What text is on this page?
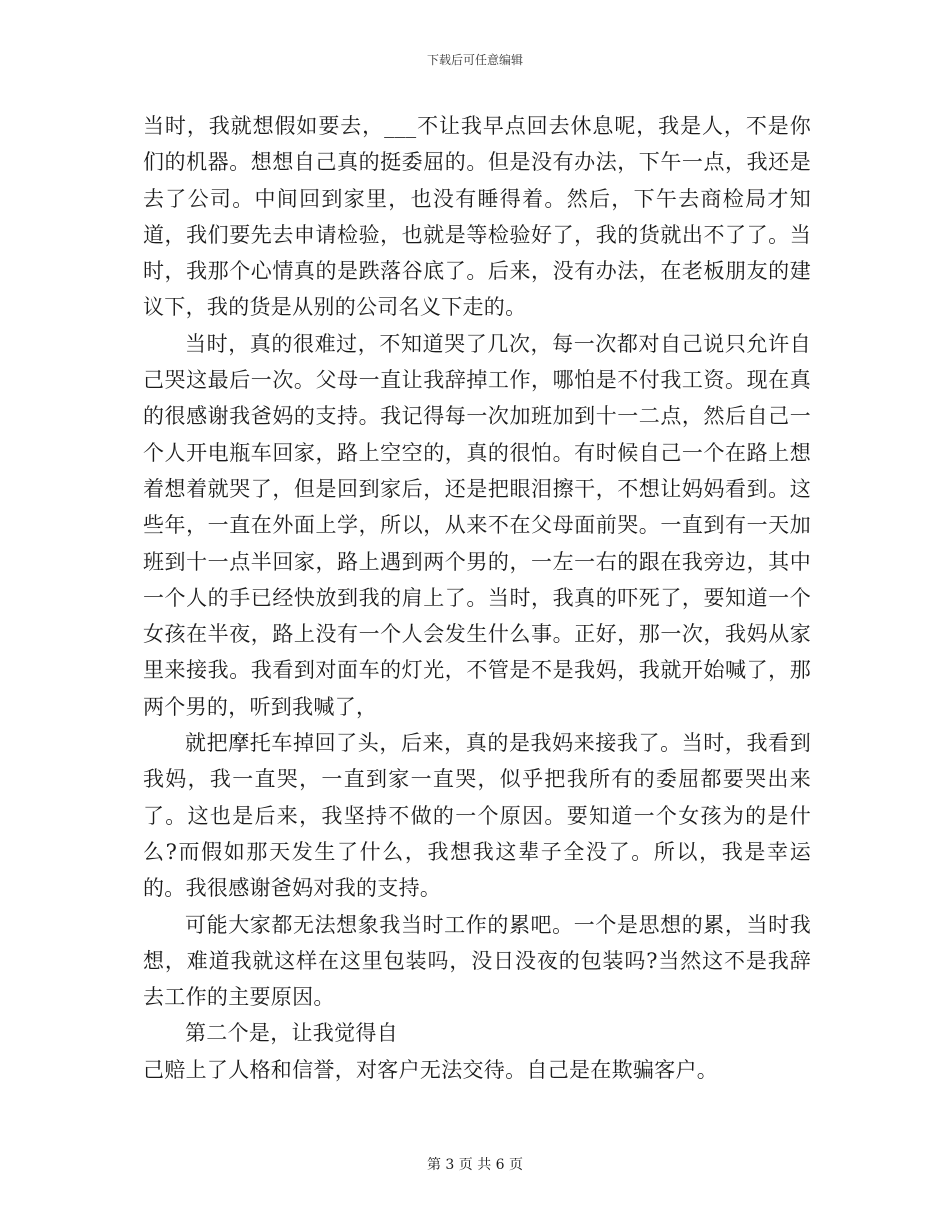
下载后可任意编辑

当时，我就想假如要去，___不让我早点回去休息呢，我是人，不是你们的机器。想想自己真的挺委屈的。但是没有办法，下午一点，我还是去了公司。中间回到家里，也没有睡得着。然后，下午去商检局才知道，我们要先去申请检验，也就是等检验好了，我的货就出不了了。当时，我那个心情真的是跌落谷底了。后来，没有办法，在老板朋友的建议下，我的货是从别的公司名义下走的。

当时，真的很难过，不知道哭了几次，每一次都对自己说只允许自己哭这最后一次。父母一直让我辞掉工作，哪怕是不付我工资。现在真的很感谢我爸妈的支持。我记得每一次加班加到十一二点，然后自己一个人开电瓶车回家，路上空空的，真的很怕。有时候自己一个在路上想着想着就哭了，但是回到家后，还是把眼泪擦干，不想让妈妈看到。这些年，一直在外面上学，所以，从来不在父母面前哭。一直到有一天加班到十一点半回家，路上遇到两个男的，一左一右的跟在我旁边，其中一个人的手已经快放到我的肩上了。当时，我真的吓死了，要知道一个女孩在半夜，路上没有一个人会发生什么事。正好，那一次，我妈从家里来接我。我看到对面车的灯光，不管是不是我妈，我就开始喊了，那两个男的，听到我喊了，

就把摩托车掉回了头，后来，真的是我妈来接我了。当时，我看到我妈，我一直哭，一直到家一直哭，似乎把我所有的委屈都要哭出来了。这也是后来，我坚持不做的一个原因。要知道一个女孩为的是什么?而假如那天发生了什么，我想我这辈子全没了。所以，我是幸运的。我很感谢爸妈对我的支持。

可能大家都无法想象我当时工作的累吧。一个是思想的累，当时我想，难道我就这样在这里包装吗，没日没夜的包装吗?当然这不是我辞去工作的主要原因。

第二个是，让我觉得自

己赔上了人格和信誉，对客户无法交待。自己是在欺骗客户。

第 3 页 共 6 页
